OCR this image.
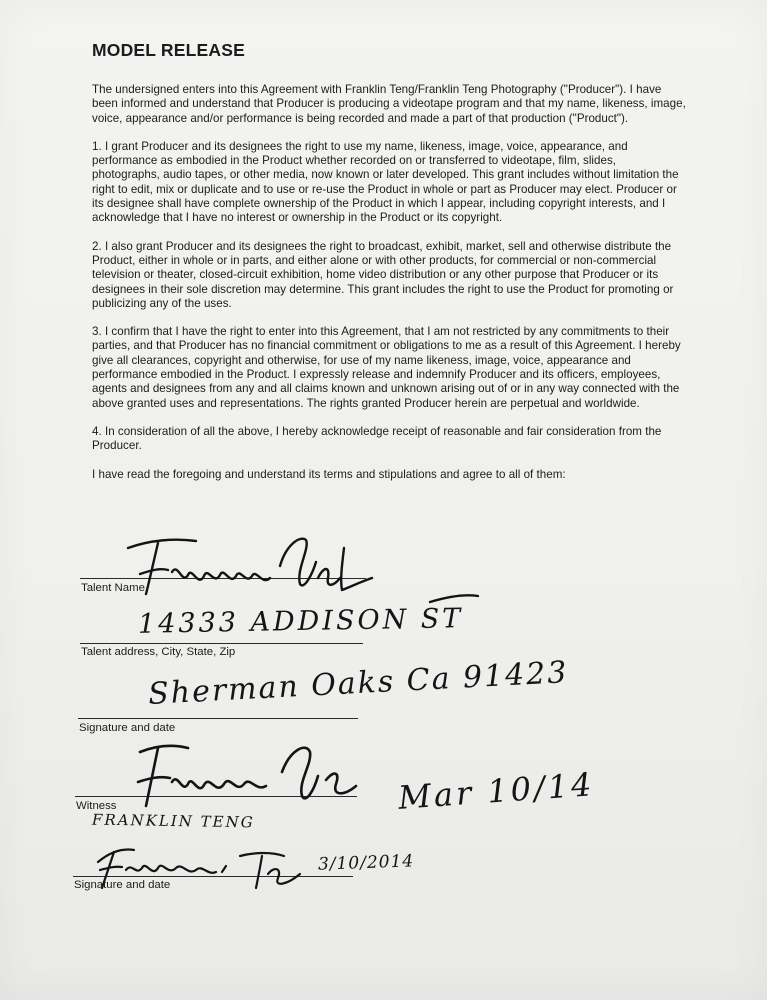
MODEL RELEASE

The undersigned enters into this Agreement with Franklin Teng/Franklin Teng Photography ("Producer"). I have been informed and understand that Producer is producing a videotape program and that my name, likeness, image, voice, appearance and/or performance is being recorded and made a part of that production ("Product").

1. I grant Producer and its designees the right to use my name, likeness, image, voice, appearance, and performance as embodied in the Product whether recorded on or transferred to videotape, film, slides, photographs, audio tapes, or other media, now known or later developed. This grant includes without limitation the right to edit, mix or duplicate and to use or re-use the Product in whole or part as Producer may elect. Producer or its designee shall have complete ownership of the Product in which I appear, including copyright interests, and I acknowledge that I have no interest or ownership in the Product or its copyright.

2. I also grant Producer and its designees the right to broadcast, exhibit, market, sell and otherwise distribute the Product, either in whole or in parts, and either alone or with other products, for commercial or non-commercial television or theater, closed-circuit exhibition, home video distribution or any other purpose that Producer or its designees in their sole discretion may determine. This grant includes the right to use the Product for promoting or publicizing any of the uses.

3. I confirm that I have the right to enter into this Agreement, that I am not restricted by any commitments to their parties, and that Producer has no financial commitment or obligations to me as a result of this Agreement. I hereby give all clearances, copyright and otherwise, for use of my name likeness, image, voice, appearance and performance embodied in the Product. I expressly release and indemnify Producer and its officers, employees, agents and designees from any and all claims known and unknown arising out of or in any way connected with the above granted uses and representations. The rights granted Producer herein are perpetual and worldwide.

4. In consideration of all the above, I hereby acknowledge receipt of reasonable and fair consideration from the Producer.

I have read the foregoing and understand its terms and stipulations and agree to all of them:

Talent Name
Talent address, City, State, Zip
Signature and date
Witness
Signature and date
14333 ADDISON ST
Sherman Oaks Ca 91423
Mar 10/14
FRANKLIN TENG
3/10/2014
